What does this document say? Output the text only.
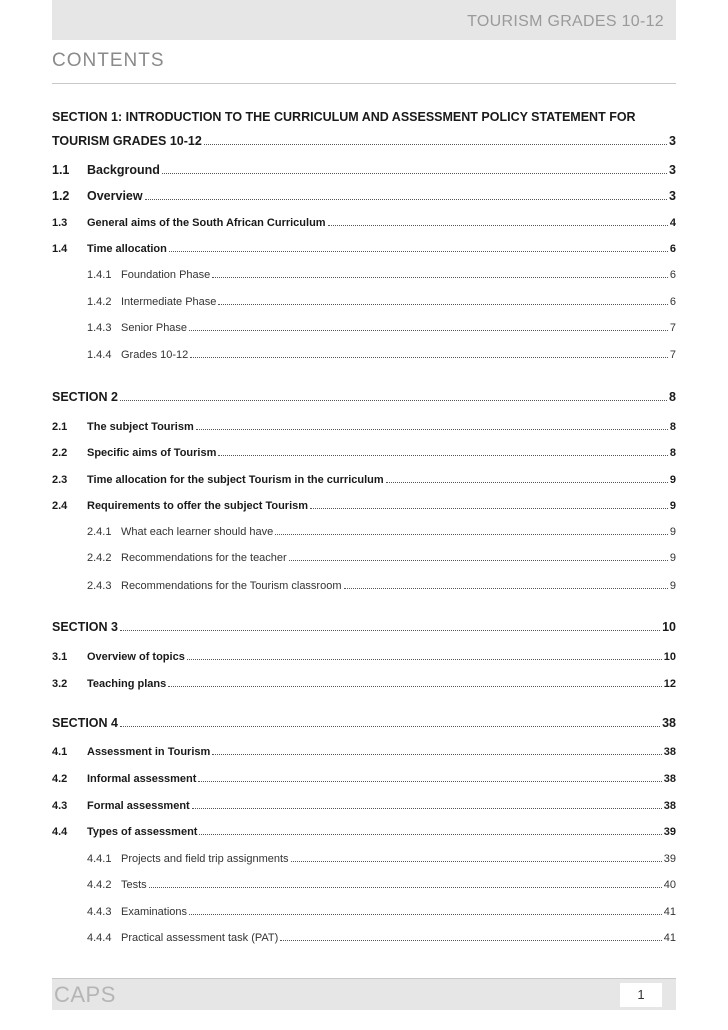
TOURISM GRADES 10-12
CONTENTS
SECTION 1: INTRODUCTION TO THE CURRICULUM AND ASSESSMENT POLICY STATEMENT FOR
TOURISM GRADES 10-12	3
1.1	Background	3
1.2	Overview	3
1.3	General aims of the South African Curriculum	4
1.4	Time allocation	6
1.4.1 Foundation Phase	6
1.4.2 Intermediate Phase	6
1.4.3 Senior Phase	7
1.4.4 Grades 10-12	7
SECTION 2	8
2.1	The subject Tourism	8
2.2	Specific aims of Tourism	8
2.3	Time allocation for the subject Tourism in the curriculum	9
2.4	Requirements to offer the subject Tourism	9
2.4.1 What each learner should have	9
2.4.2 Recommendations for the teacher	9
2.4.3 Recommendations for the Tourism classroom	9
SECTION 3	10
3.1	Overview of topics	10
3.2	Teaching plans	12
SECTION 4	38
4.1	Assessment in Tourism	38
4.2	Informal assessment	38
4.3	Formal assessment	38
4.4	Types of assessment	39
4.4.1 Projects and field trip assignments	39
4.4.2 Tests	40
4.4.3 Examinations	41
4.4.4 Practical assessment task (PAT)	41
CAPS	1
